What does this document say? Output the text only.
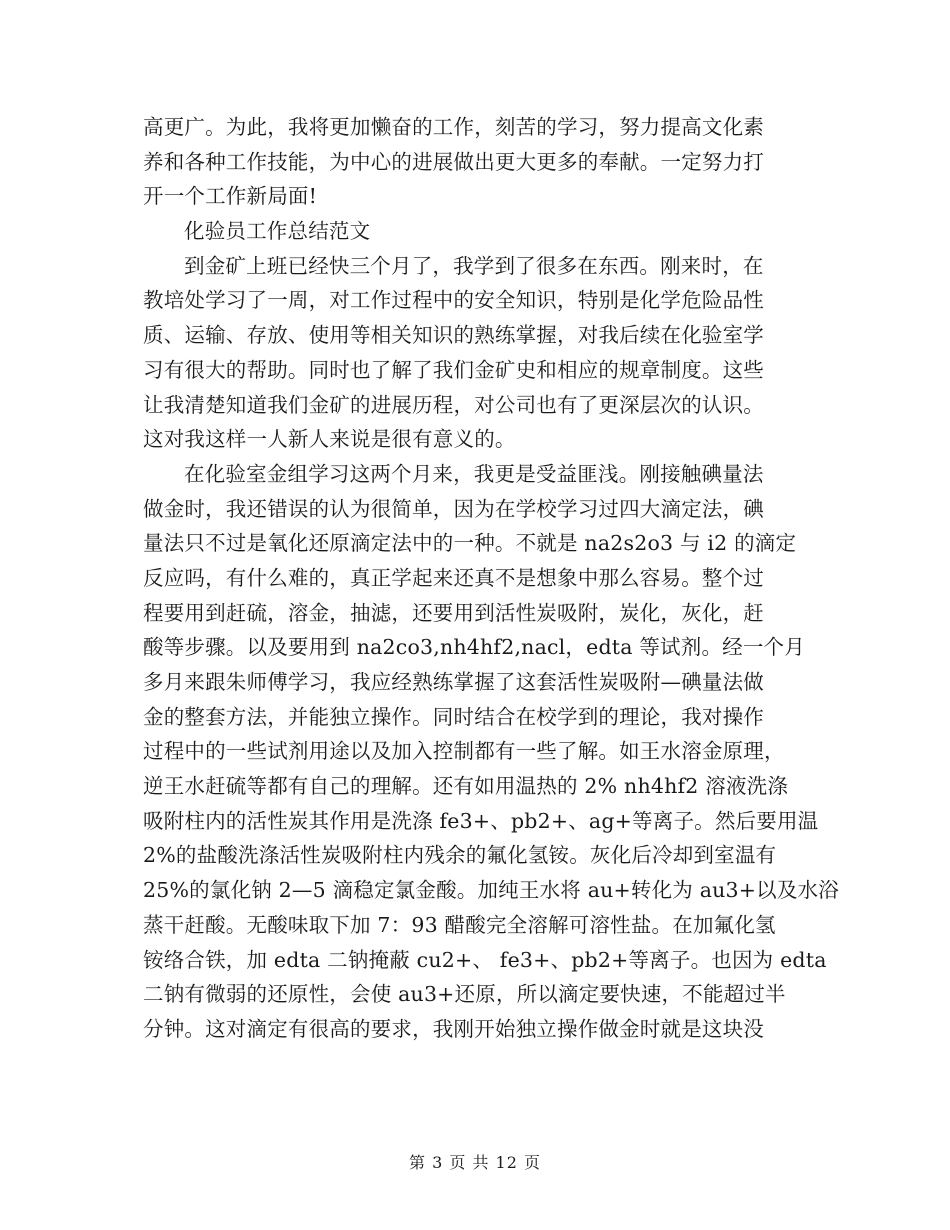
高更广。为此，我将更加懒奋的工作，刻苦的学习，努力提高文化素
养和各种工作技能，为中心的进展做出更大更多的奉献。一定努力打
开一个工作新局面!
化验员工作总结范文
到金矿上班已经快三个月了，我学到了很多在东西。刚来时，在
教培处学习了一周，对工作过程中的安全知识，特别是化学危险品性
质、运输、存放、使用等相关知识的熟练掌握，对我后续在化验室学
习有很大的帮助。同时也了解了我们金矿史和相应的规章制度。这些
让我清楚知道我们金矿的进展历程，对公司也有了更深层次的认识。
这对我这样一人新人来说是很有意义的。
在化验室金组学习这两个月来，我更是受益匪浅。刚接触碘量法
做金时，我还错误的认为很简单，因为在学校学习过四大滴定法，碘
量法只不过是氧化还原滴定法中的一种。不就是 na2s2o3 与 i2 的滴定
反应吗，有什么难的，真正学起来还真不是想象中那么容易。整个过
程要用到赶硫，溶金，抽滤，还要用到活性炭吸附，炭化，灰化，赶
酸等步骤。以及要用到 na2co3,nh4hf2,nacl，edta 等试剂。经一个月
多月来跟朱师傅学习，我应经熟练掌握了这套活性炭吸附—碘量法做
金的整套方法，并能独立操作。同时结合在校学到的理论，我对操作
过程中的一些试剂用途以及加入控制都有一些了解。如王水溶金原理，
逆王水赶硫等都有自己的理解。还有如用温热的 2% nh4hf2 溶液洗涤
吸附柱内的活性炭其作用是洗涤 fe3+、pb2+、ag+等离子。然后要用温
2%的盐酸洗涤活性炭吸附柱内残余的氟化氢铵。灰化后冷却到室温有
25%的氯化钠 2—5 滴稳定氯金酸。加纯王水将 au+转化为 au3+以及水浴
蒸干赶酸。无酸味取下加 7：93 醋酸完全溶解可溶性盐。在加氟化氢
铵络合铁，加 edta 二钠掩蔽 cu2+、 fe3+、pb2+等离子。也因为 edta
二钠有微弱的还原性，会使 au3+还原，所以滴定要快速，不能超过半
分钟。这对滴定有很高的要求，我刚开始独立操作做金时就是这块没
第 3 页 共 12 页
